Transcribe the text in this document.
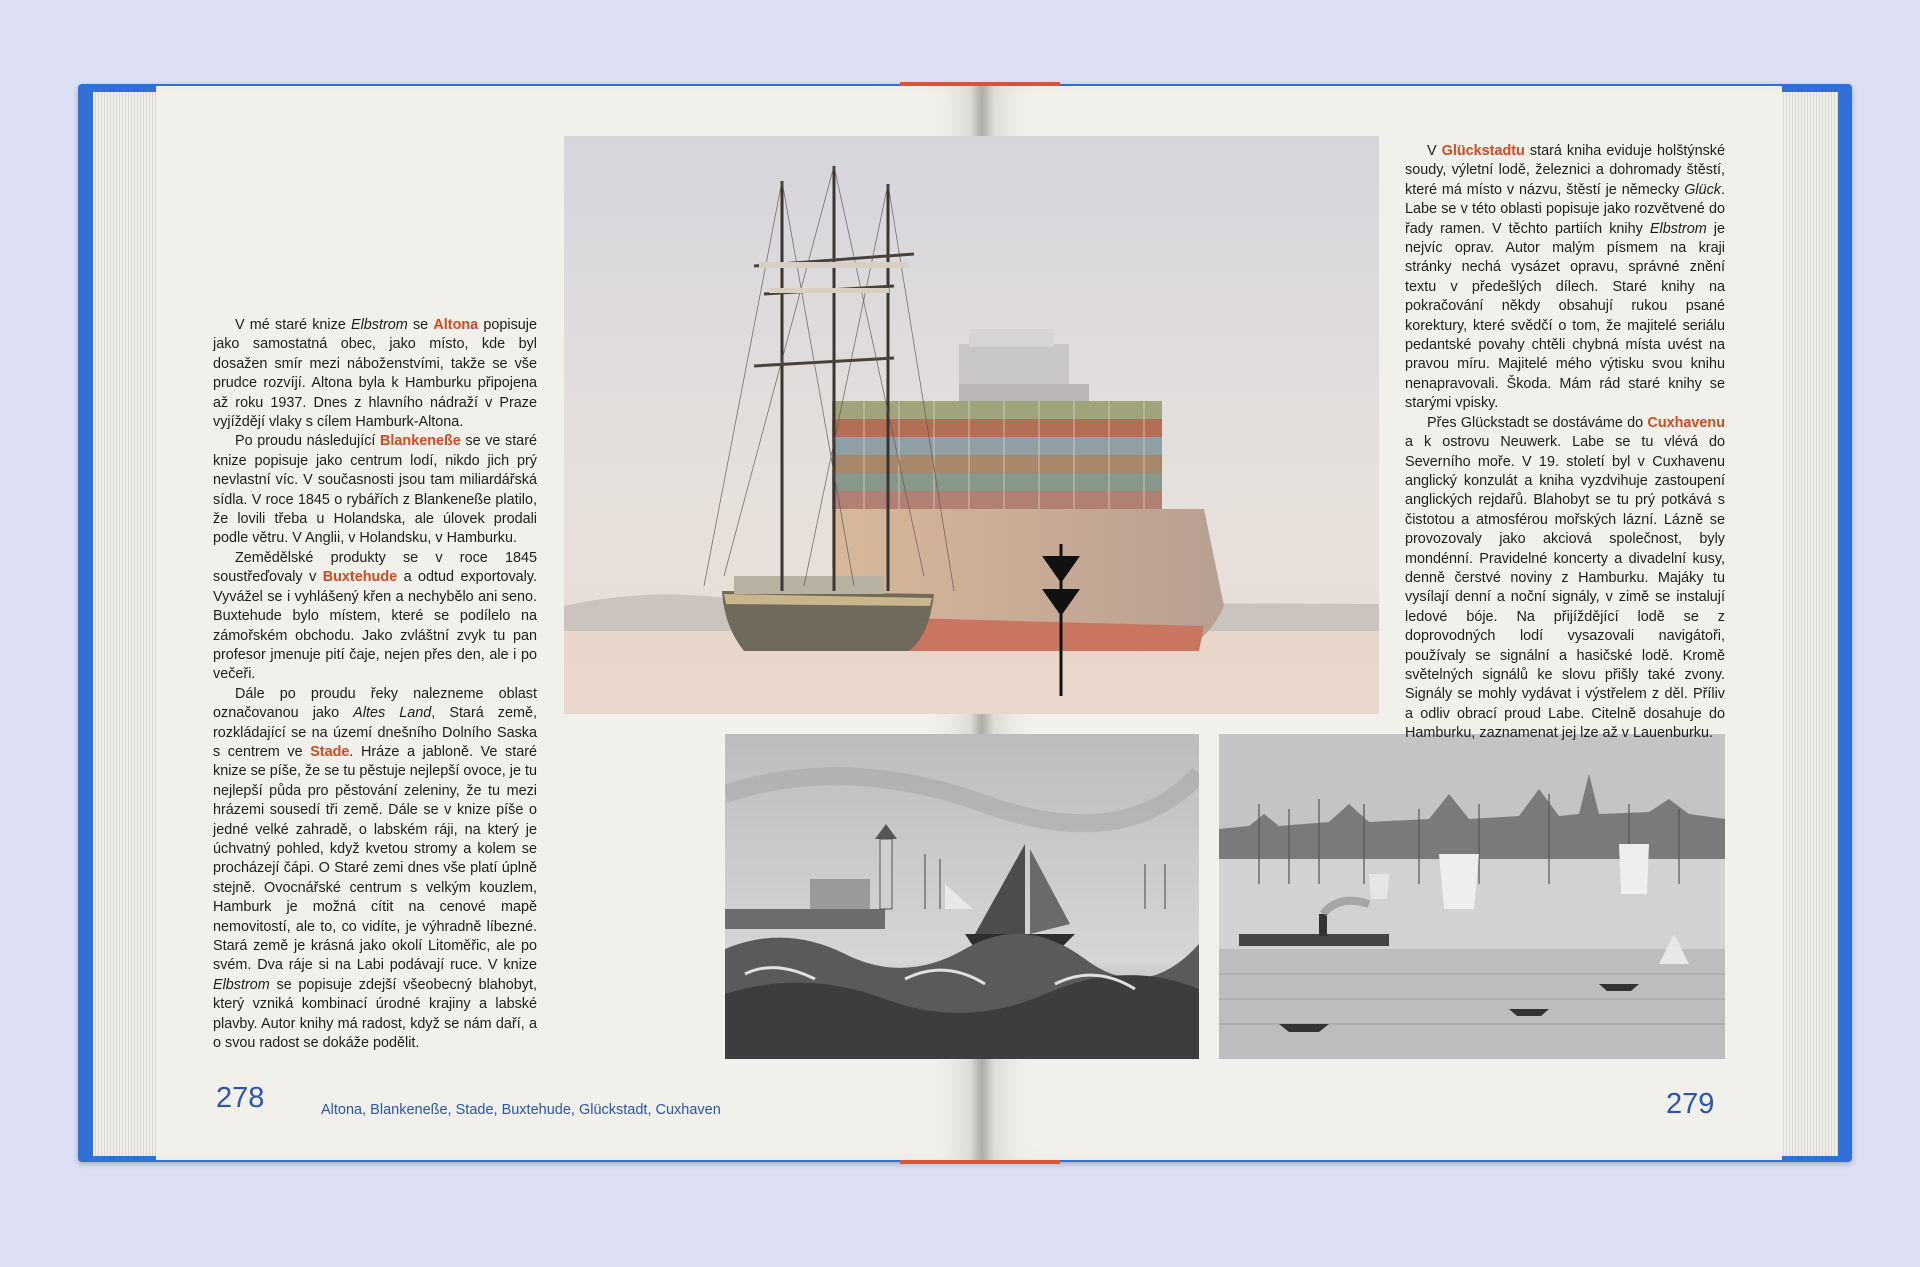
V mé staré knize Elbstrom se Altona popisuje jako samostatná obec, jako místo, kde byl dosažen smír mezi náboženstvími, takže se vše prudce rozvíjí. Altona byla k Hamburku připojena až roku 1937. Dnes z hlavního nádraží v Praze vyjíždějí vlaky s cílem Hamburk-Altona.

Po proudu následující Blankeneße se ve staré knize popisuje jako centrum lodí, nikdo jich prý nevlastní víc. V současnosti jsou tam miliardářská sídla. V roce 1845 o rybářích z Blankeneße platilo, že lovili třeba u Holandska, ale úlovek prodali podle větru. V Anglii, v Holandsku, v Hamburku.

Zemědělské produkty se v roce 1845 soustřeďovaly v Buxtehude a odtud exportovaly. Vyvážel se i vyhlášený křen a nechybělo ani seno. Buxtehude bylo místem, které se podílelo na zámořském obchodu. Jako zvláštní zvyk tu pan profesor jmenuje pití čaje, nejen přes den, ale i po večeři.

Dále po proudu řeky nalezneme oblast označovanou jako Altes Land, Stará země, rozkládající se na území dnešního Dolního Saska s centrem ve Stade. Hráze a jabloně. Ve staré knize se píše, že se tu pěstuje nejlepší ovoce, je tu nejlepší půda pro pěstování zeleniny, že tu mezi hrázemi sousedí tři země. Dále se v knize píše o jedné velké zahradě, o labském ráji, na který je úchvatný pohled, když kvetou stromy a kolem se procházejí čápi. O Staré zemi dnes vše platí úplně stejně. Ovocnářské centrum s velkým kouzlem, Hamburk je možná cítit na cenové mapě nemovitostí, ale to, co vidíte, je výhradně líbezné. Stará země je krásná jako okolí Litoměřic, ale po svém. Dva ráje si na Labi podávají ruce. V knize Elbstrom se popisuje zdejší všeobecný blahobyt, který vzniká kombinací úrodné krajiny a labské plavby. Autor knihy má radost, když se nám daří, a o svou radost se dokáže podělit.

V Glückstadtu stará kniha eviduje holštýnské soudy, výletní lodě, železnici a dohromady štěstí, které má místo v názvu, štěstí je německy Glück. Labe se v této oblasti popisuje jako rozvětvené do řady ramen. V těchto partiích knihy Elbstrom je nejvíc oprav. Autor malým písmem na kraji stránky nechá vysázet opravu, správné znění textu v předešlých dílech. Staré knihy na pokračování někdy obsahují rukou psané korektury, které svědčí o tom, že majitelé seriálu pedantské povahy chtěli chybná místa uvést na pravou míru. Majitelé mého výtisku svou knihu nenapravovali. Škoda. Mám rád staré knihy se starými vpisky.

Přes Glückstadt se dostáváme do Cuxhavenu a k ostrovu Neuwerk. Labe se tu vlévá do Severního moře. V 19. století byl v Cuxhavenu anglický konzulát a kniha vyzdvihuje zastoupení anglických rejdařů. Blahobyt se tu prý potkává s čistotou a atmosférou mořských lázní. Lázně se provozovaly jako akciová společnost, byly mondénní. Pravidelné koncerty a divadelní kusy, denně čerstvé noviny z Hamburku. Majáky tu vysílají denní a noční signály, v zimě se instalují ledové bóje. Na přijíždějící lodě se z doprovodných lodí vysazovali navigátoři, používaly se signální a hasičské lodě. Kromě světelných signálů ke slovu přišly také zvony. Signály se mohly vydávat i výstřelem z děl. Příliv a odliv obrací proud Labe. Citelně dosahuje do Hamburku, zaznamenat jej lze až v Lauenburku.

278	Altona, Blankeneße, Stade, Buxtehude, Glückstadt, Cuxhaven	279
